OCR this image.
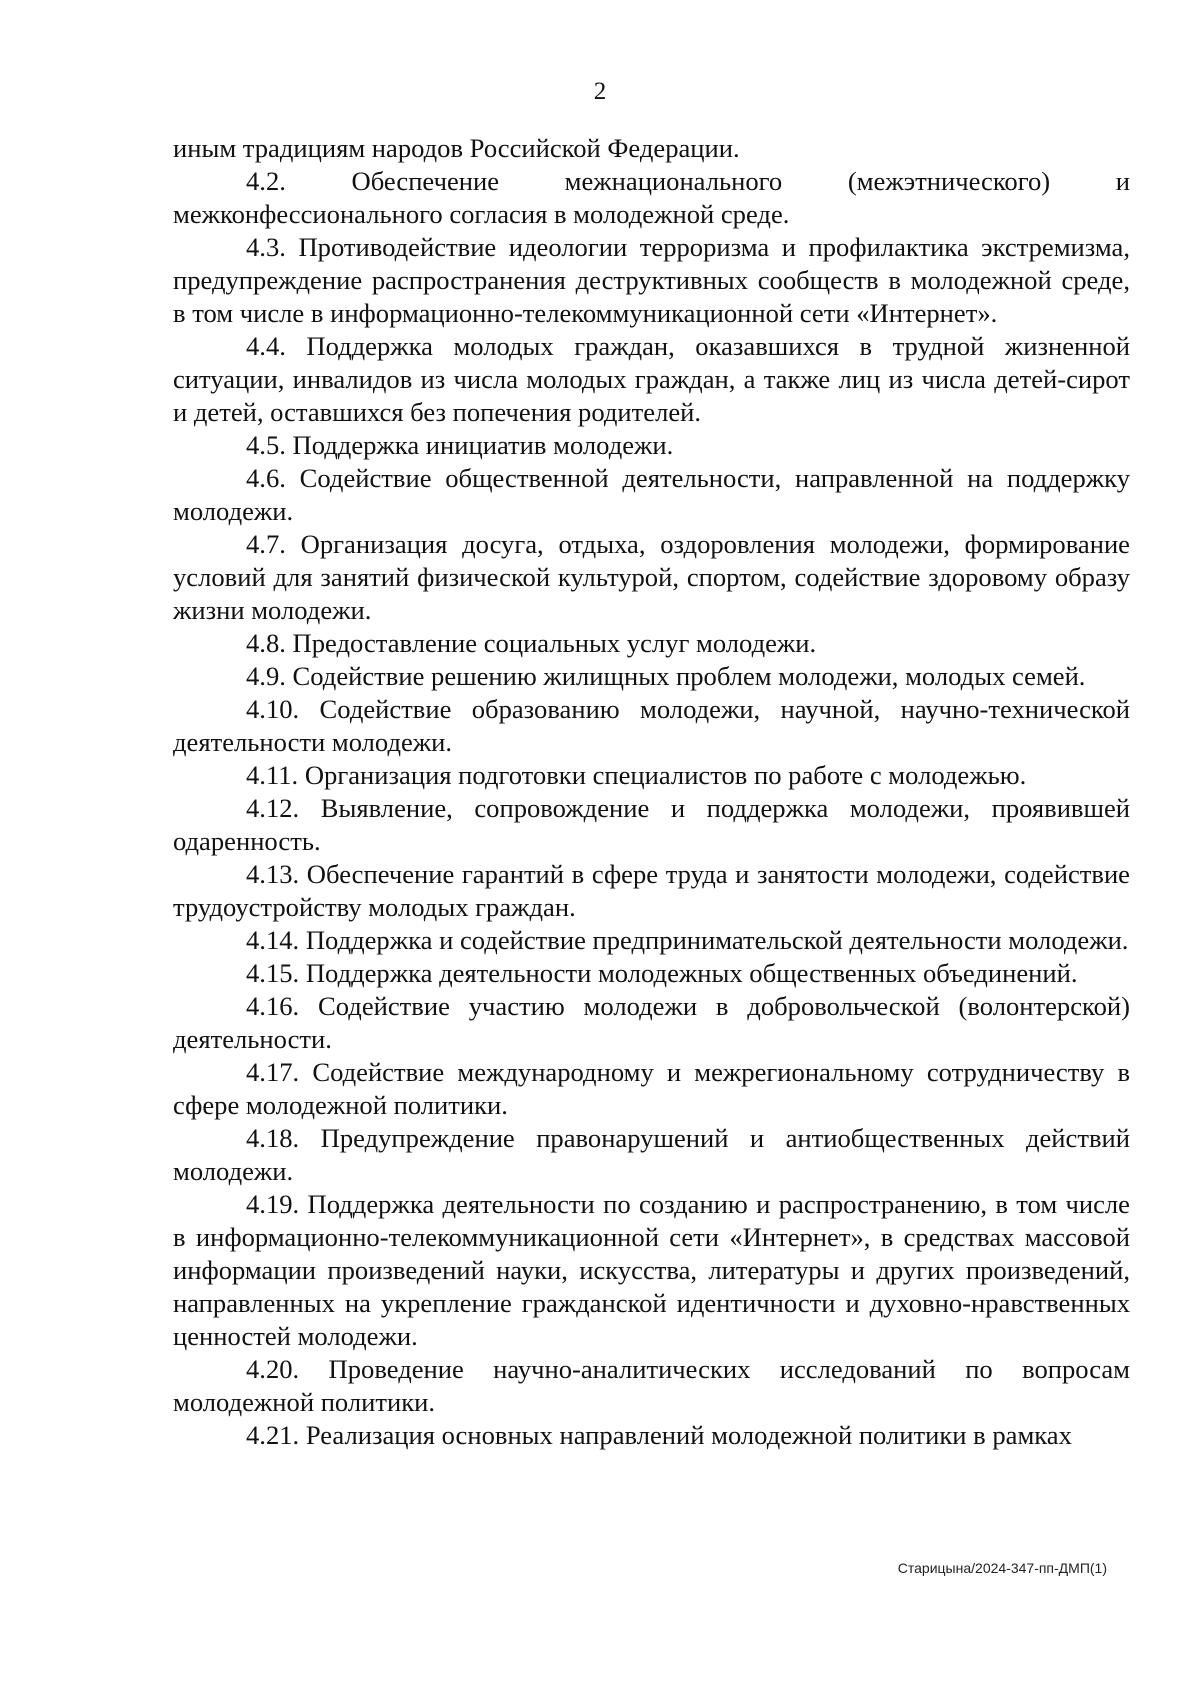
2

иным традициям народов Российской Федерации.

4.2. Обеспечение межнационального (межэтнического) и межконфессионального согласия в молодежной среде.

4.3. Противодействие идеологии терроризма и профилактика экстремизма, предупреждение распространения деструктивных сообществ в молодежной среде, в том числе в информационно-телекоммуникационной сети «Интернет».

4.4. Поддержка молодых граждан, оказавшихся в трудной жизненной ситуации, инвалидов из числа молодых граждан, а также лиц из числа детей-сирот и детей, оставшихся без попечения родителей.

4.5. Поддержка инициатив молодежи.

4.6. Содействие общественной деятельности, направленной на поддержку молодежи.

4.7. Организация досуга, отдыха, оздоровления молодежи, формирование условий для занятий физической культурой, спортом, содействие здоровому образу жизни молодежи.

4.8. Предоставление социальных услуг молодежи.

4.9. Содействие решению жилищных проблем молодежи, молодых семей.

4.10. Содействие образованию молодежи, научной, научно-технической деятельности молодежи.

4.11. Организация подготовки специалистов по работе с молодежью.

4.12. Выявление, сопровождение и поддержка молодежи, проявившей одаренность.

4.13. Обеспечение гарантий в сфере труда и занятости молодежи, содействие трудоустройству молодых граждан.

4.14. Поддержка и содействие предпринимательской деятельности молодежи.

4.15. Поддержка деятельности молодежных общественных объединений.

4.16. Содействие участию молодежи в добровольческой (волонтерской) деятельности.

4.17. Содействие международному и межрегиональному сотрудничеству в сфере молодежной политики.

4.18. Предупреждение правонарушений и антиобщественных действий молодежи.

4.19. Поддержка деятельности по созданию и распространению, в том числе в информационно-телекоммуникационной сети «Интернет», в средствах массовой информации произведений науки, искусства, литературы и других произведений, направленных на укрепление гражданской идентичности и духовно-нравственных ценностей молодежи.

4.20. Проведение научно-аналитических исследований по вопросам молодежной политики.

4.21. Реализация основных направлений молодежной политики в рамках

Старицына/2024-347-пп-ДМП(1)
